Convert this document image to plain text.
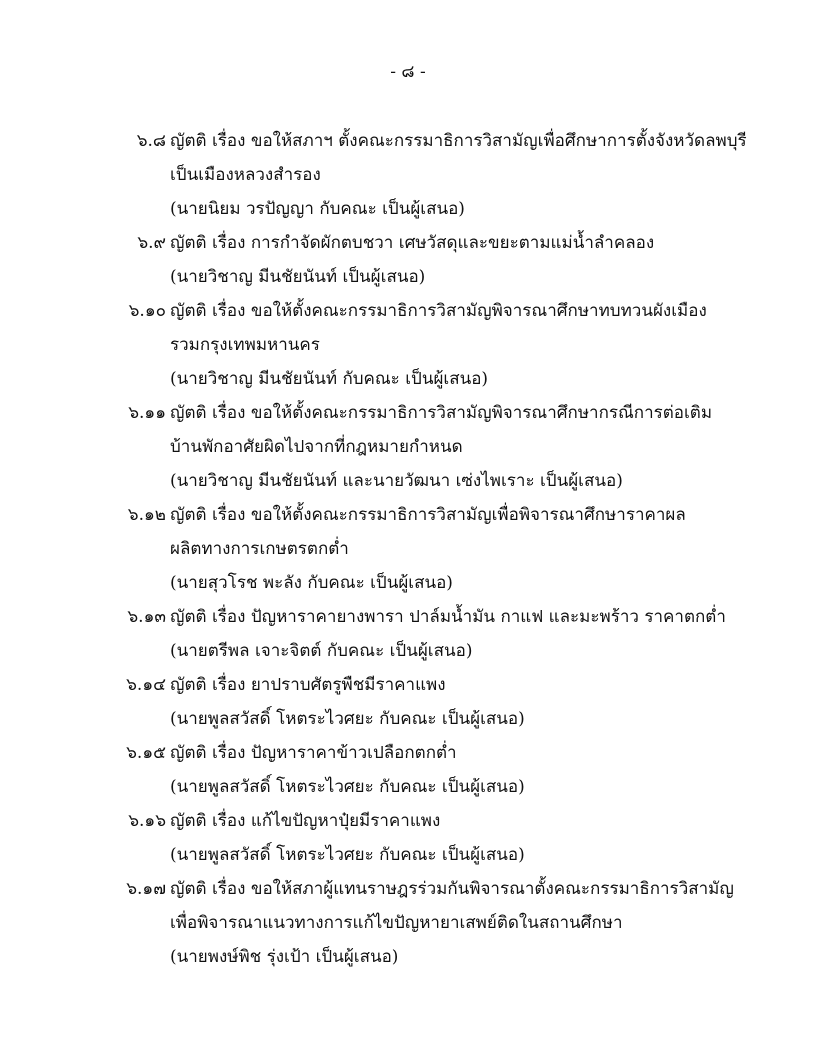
- ๘ -
๖.๘ ญัตติ เรื่อง ขอให้สภาฯ ตั้งคณะกรรมาธิการวิสามัญเพื่อศึกษาการตั้งจังหวัดลพบุรี
เป็นเมืองหลวงสำรอง
(นายนิยม วรปัญญา กับคณะ เป็นผู้เสนอ)
๖.๙ ญัตติ เรื่อง การกำจัดผักตบชวา เศษวัสดุและขยะตามแม่น้ำลำคลอง
(นายวิชาญ มีนชัยนันท์ เป็นผู้เสนอ)
๖.๑๐ ญัตติ เรื่อง ขอให้ตั้งคณะกรรมาธิการวิสามัญพิจารณาศึกษาทบทวนผังเมือง
รวมกรุงเทพมหานคร
(นายวิชาญ มีนชัยนันท์ กับคณะ เป็นผู้เสนอ)
๖.๑๑ ญัตติ เรื่อง ขอให้ตั้งคณะกรรมาธิการวิสามัญพิจารณาศึกษากรณีการต่อเติม
บ้านพักอาศัยผิดไปจากที่กฎหมายกำหนด
(นายวิชาญ มีนชัยนันท์ และนายวัฒนา เซ่งไพเราะ เป็นผู้เสนอ)
๖.๑๒ ญัตติ เรื่อง ขอให้ตั้งคณะกรรมาธิการวิสามัญเพื่อพิจารณาศึกษาราคาผล
ผลิตทางการเกษตรตกต่ำ
(นายสุวโรช พะลัง กับคณะ เป็นผู้เสนอ)
๖.๑๓ ญัตติ เรื่อง ปัญหาราคายางพารา ปาล์มน้ำมัน กาแฟ และมะพร้าว ราคาตกต่ำ
(นายตรีพล เจาะจิตต์ กับคณะ เป็นผู้เสนอ)
๖.๑๔ ญัตติ เรื่อง ยาปราบศัตรูพืชมีราคาแพง
(นายพูลสวัสดิ์ โหตระไวศยะ กับคณะ เป็นผู้เสนอ)
๖.๑๕ ญัตติ เรื่อง ปัญหาราคาข้าวเปลือกตกต่ำ
(นายพูลสวัสดิ์ โหตระไวศยะ กับคณะ เป็นผู้เสนอ)
๖.๑๖ ญัตติ เรื่อง แก้ไขปัญหาปุ๋ยมีราคาแพง
(นายพูลสวัสดิ์ โหตระไวศยะ กับคณะ เป็นผู้เสนอ)
๖.๑๗ ญัตติ เรื่อง ขอให้สภาผู้แทนราษฎรร่วมกันพิจารณาตั้งคณะกรรมาธิการวิสามัญ
เพื่อพิจารณาแนวทางการแก้ไขปัญหายาเสพย์ติดในสถานศึกษา
(นายพงษ์พิช รุ่งเป้า เป็นผู้เสนอ)
